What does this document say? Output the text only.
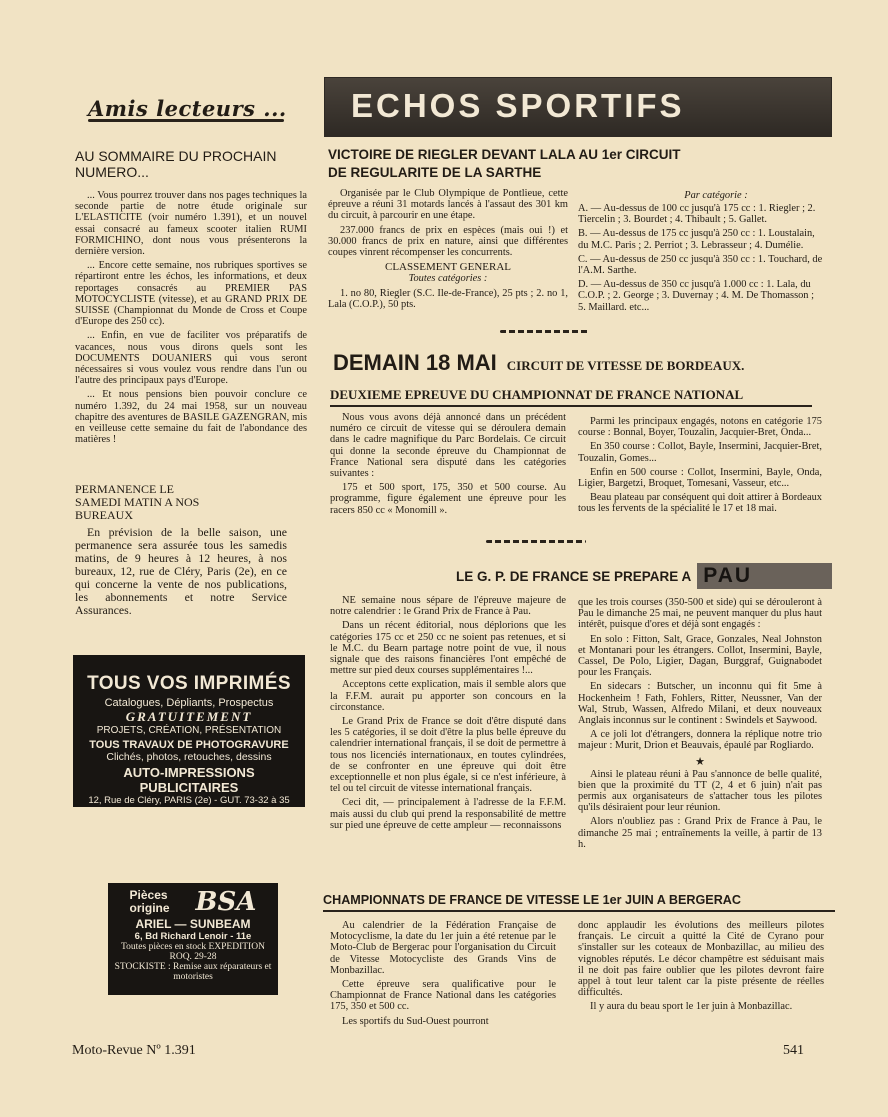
Amis lecteurs ...
AU SOMMAIRE DU PROCHAIN NUMERO...

... Vous pourrez trouver dans nos pages techniques la seconde partie de notre étude originale sur L'ELASTICITE (voir numéro 1.391), et un nouvel essai consacré au fameux scooter italien RUMI FORMICHINO, dont nous vous présenterons la dernière version.

... Encore cette semaine, nos rubriques sportives se répartiront entre les échos, les informations, et deux reportages consacrés au PREMIER PAS MOTOCYCLISTE (vitesse), et au GRAND PRIX DE SUISSE (Championnat du Monde de Cross et Coupe d'Europe des 250 cc).

... Enfin, en vue de faciliter vos préparatifs de vacances, nous vous dirons quels sont les DOCUMENTS DOUANIERS qui vous seront nécessaires si vous voulez vous rendre dans l'un ou l'autre des principaux pays d'Europe.

... Et nous pensions bien pouvoir conclure ce numéro 1.392, du 24 mai 1958, sur un nouveau chapitre des aventures de BASILE GAZENGRAN, mis en veilleuse cette semaine du fait de l'abondance des matières !

PERMANENCE LE SAMEDI MATIN A NOS BUREAUX

En prévision de la belle saison, une permanence sera assurée tous les samedis matins, de 9 heures à 12 heures, à nos bureaux, 12, rue de Cléry, Paris (2e), en ce qui concerne la vente de nos publications, les abonnements et notre Service Assurances.

TOUS VOS IMPRIMÉS
Catalogues, Dépliants, Prospectus
GRATUITEMENT
PROJETS, CRÉATION, PRÉSENTATION
TOUS TRAVAUX DE PHOTOGRAVURE
Clichés, photos, retouches, dessins
AUTO-IMPRESSIONS PUBLICITAIRES
12, Rue de Cléry, PARIS (2e) - GUT. 73-32 à 35
Pièces origine BSA
ARIEL — SUNBEAM
6, Bd Richard Lenoir - 11e
Toutes pièces en stock EXPEDITION
ROQ. 29-28
STOCKISTE : Remise aux réparateurs et motoristes
ECHOS SPORTIFS
VICTOIRE DE RIEGLER DEVANT LALA AU 1er CIRCUIT DE REGULARITE DE LA SARTHE

Organisée par le Club Olympique de Pontlieue, cette épreuve a réuni 31 motards lancés à l'assaut des 301 km du circuit, à parcourir en une étape.

237.000 francs de prix en espèces (mais oui !) et 30.000 francs de prix en nature, ainsi que différentes coupes vinrent récompenser les concurrents.

CLASSEMENT GENERAL
Toutes catégories :

1. no 80, Riegler (S.C. Ile-de-France), 25 pts ; 2. no 1, Lala (C.O.P.), 50 pts.

Par catégorie :

A. — Au-dessus de 100 cc jusqu'à 175 cc : 1. Riegler ; 2. Tiercelin ; 3. Bourdet ; 4. Thibault ; 5. Gallet.

B. — Au-dessus de 175 cc jusqu'à 250 cc : 1. Loustalain, du M.C. Paris ; 2. Perriot ; 3. Lebrasseur ; 4. Dumélie.

C. — Au-dessus de 250 cc jusqu'à 350 cc : 1. Touchard, de l'A.M. Sarthe.

D. — Au-dessus de 350 cc jusqu'à 1.000 cc : 1. Lala, du C.O.P. ; 2. George ; 3. Duvernay ; 4. M. De Thomasson ; 5. Maillard. etc...

DEMAIN 18 MAI CIRCUIT DE VITESSE DE BORDEAUX.
DEUXIEME EPREUVE DU CHAMPIONNAT DE FRANCE NATIONAL

Nous vous avons déjà annoncé dans un précédent numéro ce circuit de vitesse qui se déroulera demain dans le cadre magnifique du Parc Bordelais. Ce circuit qui donne la seconde épreuve du Championnat de France National sera disputé dans les catégories suivantes :

175 et 500 sport, 175, 350 et 500 course. Au programme, figure également une épreuve pour les racers 850 cc « Monomill ».

Parmi les principaux engagés, notons en catégorie 175 course : Bonnal, Boyer, Touzalin, Jacquier-Bret, Onda...

En 350 course : Collot, Bayle, Insermini, Jacquier-Bret, Touzalin, Gomes...

Enfin en 500 course : Collot, Insermini, Bayle, Onda, Ligier, Bargetzi, Broquet, Tomesani, Vasseur, etc...

Beau plateau par conséquent qui doit attirer à Bordeaux tous les fervents de la spécialité le 17 et 18 mai.

LE G. P. DE FRANCE SE PREPARE A PAU

NE semaine nous sépare de l'épreuve majeure de notre calendrier : le Grand Prix de France à Pau.

Dans un récent éditorial, nous déplorions que les catégories 175 cc et 250 cc ne soient pas retenues, et si le M.C. du Bearn partage notre point de vue, il nous signale que des raisons financières l'ont empêché de mettre sur pied deux courses supplémentaires !...

Acceptons cette explication, mais il semble alors que la F.F.M. aurait pu apporter son concours en la circonstance.

Le Grand Prix de France se doit d'être disputé dans les 5 catégories, il se doit d'être la plus belle épreuve du calendrier international français, il se doit de permettre à tous nos licenciés internationaux, en toutes cylindrées, de se confronter en une épreuve qui doit être exceptionnelle et non plus égale, si ce n'est inférieure, à tel ou tel circuit de vitesse international français.

Ceci dit, — principalement à l'adresse de la F.F.M. mais aussi du club qui prend la responsabilité de mettre sur pied une épreuve de cette ampleur — reconnaissons

que les trois courses (350-500 et side) qui se dérouleront à Pau le dimanche 25 mai, ne peuvent manquer du plus haut intérêt, puisque d'ores et déjà sont engagés :

En solo : Fitton, Salt, Grace, Gonzales, Neal Johnston et Montanari pour les étrangers. Collot, Insermini, Bayle, Cassel, De Polo, Ligier, Dagan, Burggraf, Guignabodet pour les Français.

En sidecars : Butscher, un inconnu qui fit 5me à Hockenheim ! Fath, Fohlers, Ritter, Neussner, Van der Wal, Strub, Wassen, Alfredo Milani, et deux nouveaux Anglais inconnus sur le continent : Swindels et Saywood.

A ce joli lot d'étrangers, donnera la réplique notre trio majeur : Murit, Drion et Beauvais, épaulé par Rogliardo.

★

Ainsi le plateau réuni à Pau s'annonce de belle qualité, bien que la proximité du TT (2, 4 et 6 juin) n'ait pas permis aux organisateurs de s'attacher tous les pilotes qu'ils désiraient pour leur réunion.

Alors n'oubliez pas : Grand Prix de France à Pau, le dimanche 25 mai ; entraînements la veille, à partir de 13 h.

CHAMPIONNATS DE FRANCE DE VITESSE LE 1er JUIN A BERGERAC

Au calendrier de la Fédération Française de Motocyclisme, la date du 1er juin a été retenue par le Moto-Club de Bergerac pour l'organisation du Circuit de Vitesse Motocycliste des Grands Vins de Monbazillac.

Cette épreuve sera qualificative pour le Championnat de France National dans les catégories 175, 350 et 500 cc.

Les sportifs du Sud-Ouest pourront

donc applaudir les évolutions des meilleurs pilotes français. Le circuit a quitté la Cité de Cyrano pour s'installer sur les coteaux de Monbazillac, au milieu des vignobles réputés. Le décor champêtre est séduisant mais il ne doit pas faire oublier que les pilotes devront faire appel à tout leur talent car la piste présente de réelles difficultés.

Il y aura du beau sport le 1er juin à Monbazillac.

Moto-Revue Nº 1.391	541
